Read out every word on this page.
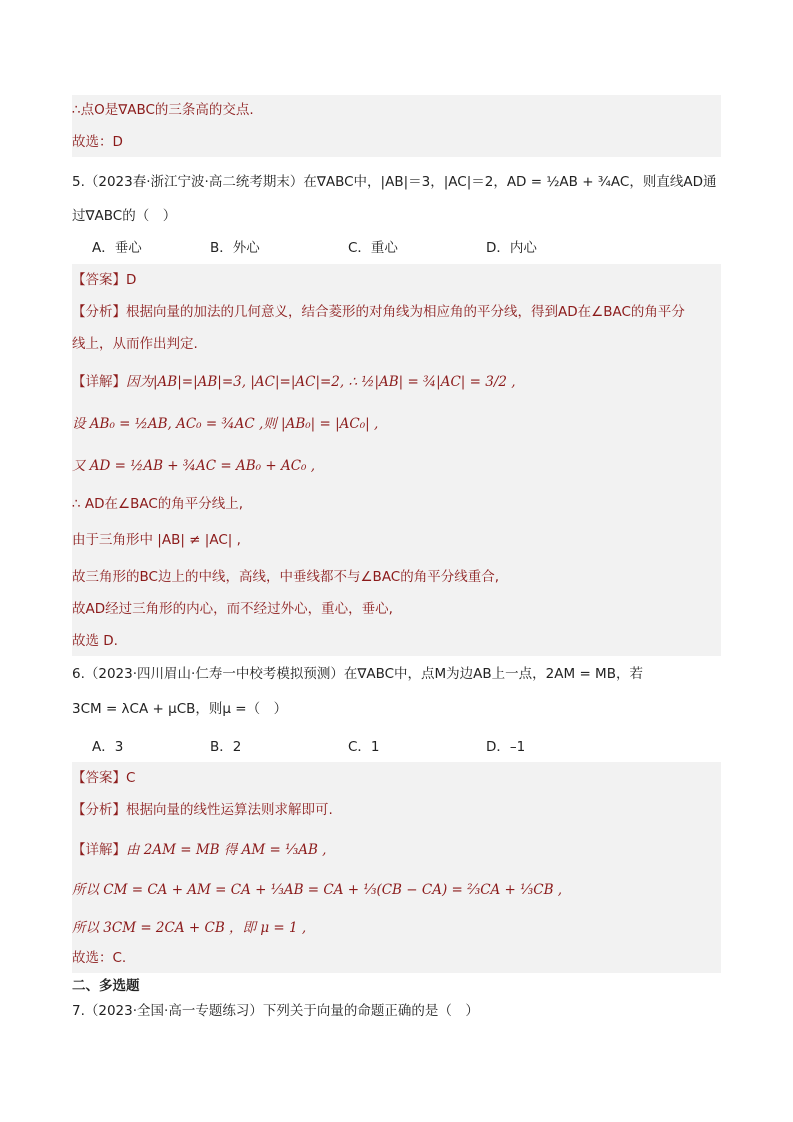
∴点O是∇ABC的三条高的交点.
故选：D
5.（2023春·浙江宁波·高二统考期末）在∇ABC中，|AB|＝3，|AC|＝2，AD = ½AB + ¾AC，则直线AD通
过∇ABC的（　）
A．垂心	B．外心	C．重心	D．内心
【答案】D
【分析】根据向量的加法的几何意义，结合菱形的对角线为相应角的平分线，得到AD在∠BAC的角平分
线上，从而作出判定.
【详解】因为|AB|=|AB|=3, |AC|=|AC|=2, ∴ ½|AB| = ¾|AC| = 3/2 ,
设 AB₀ = ½AB, AC₀ = ¾AC ,则 |AB₀| = |AC₀| ,
又 AD = ½AB + ¾AC = AB₀ + AC₀ ,
∴ AD在∠BAC的角平分线上,
由于三角形中 |AB| ≠ |AC| ,
故三角形的BC边上的中线，高线，中垂线都不与∠BAC的角平分线重合,
故AD经过三角形的内心，而不经过外心，重心，垂心,
故选 D.
6.（2023·四川眉山·仁寿一中校考模拟预测）在∇ABC中，点M为边AB上一点，2AM = MB，若
3CM = λCA + μCB，则μ =（　）
A．3	B．2	C．1	D．–1
【答案】C
【分析】根据向量的线性运算法则求解即可.
【详解】由 2AM = MB 得 AM = ⅓AB ,
所以 CM = CA + AM = CA + ⅓AB = CA + ⅓(CB − CA) = ⅔CA + ⅓CB ,
所以 3CM = 2CA + CB ，即 μ = 1 ,
故选：C.
二、多选题
7.（2023·全国·高一专题练习）下列关于向量的命题正确的是（　）
